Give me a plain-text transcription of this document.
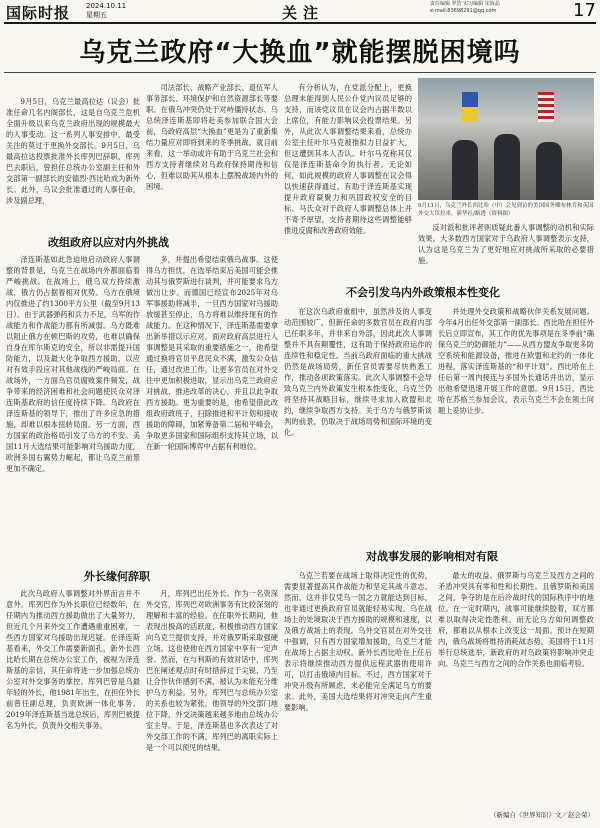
国际时报 2024.10.11
星期五	关注	责任编辑 罗浩 实习编辑 宋海晶
e-mail:83698291@qq.com	17
乌克兰政府“大换血”就能摆脱困境吗

9月5日，乌克兰最高拉达（议会）批准任命几名内阁部长，这是自乌克兰危机全面升级以来乌克兰政府出现的规模最大的人事变动。这一系列人事安排中，最受关注的莫过于更换外交部长。9月5日，乌最高拉达投票批准外长库列巴辞职，库列巴去职后，曾担任总统办公室副主任和外交部第一副部长的安德烈·西比哈成为新外长。此外，乌议会批准通过的人事任命，涉及副总理、

司法部长、战略产业部长、退伍军人事务部长、环境保护和自然资源部长等要职。在俄乌冲突仍处于对峙僵持状态、乌总统泽连斯基即将赴美参加联合国大会前，乌政府高层“大换血”更是为了重新集结力量应对即将到来的冬季挑战。就目前来看，这一举动或许有助于乌克兰社会和西方支持者继续对乌政府保持期待和信心，但难以助其从根本上摆脱战场内外的困境。

有分析认为，在党派分配上，更换总理未能得到人民公仆党内议员足够的支持，而该党议员在议会内占据半数以上席位，有能力影响议会投票结果。另外，从此次人事调整结果来看，总统办公室主任叶尔马克被推拟力目益扩大，但这遭到其本人否认。叶尔马克称其仅仅是泽连斯基命令的执行者。无论如何，如此规模的政府人事调整在议会得以快速获得通过，有助于泽连斯基实现提升政府凝聚力和巩固政权安全的目标。马氏众对于政府人事调整总体上并不寄予厚望，支持者期待这些调整能够推进反腐和改善政府效能。

9月11日，乌克兰外长西比哈（中）会见到访的美国国务卿布林肯和英国外交大臣拉米。新华社/路透（资料图）

反对派和批评者则质疑此番人事调整的动机和实际效果。大多数西方国家对于乌政府人事调整表示支持，认为这是乌克兰为了更好地应对挑战所采取的必要措施。

改组政府以应对内外挑战

泽连斯基如此急迫地启动政府人事调整的背景是，乌克兰在战场内外都面临着严峻挑战。在战场上，俄乌双方持续激战，俄方仍占据着相对优势。乌方在俄境内仅推进了约1300平方公里（截至9月13日）。由于武器弹药和兵力不足，乌军的作战能力和作战能力都有所减弱。乌方既难以阻止俄方在顿巴斯的攻势，也难以确保自身在库尔斯克的安全，所以非需提升国防能力，以及最大化争取西方援助，以应对有效手段应对其他战线的严峻局面。在战场外，一方面乌官员腐败案件频发，战争带来的经济困难和社会问题使民众对泽连斯基政府的信任度持续下降。乌政府在泽连斯基的领导下，推出了许多应急的措施，却难以根本扭转局面。另一方面，西方国家的政治格局引发了乌方的不安。美国11月大选结果可能影响对乌援助力度，欧洲多国右翼势力崛起，都让乌克兰前景更加不确定。

多，并提出希望结束俄乌战事。这使得乌方担忧，在选举结束后美国可能会推动其与俄罗斯进行谈判，并可能要求乌方做出让步。而德国已经宣布2025年对乌军事援助将减半，一旦西方国家对乌援助放缓甚至停止，乌方将难以维持现有的作战能力。在这种情况下，泽连斯基需要拿出新举措以示应对。面对政府高层进行人事调整是其采取的重要措施之一，他希望通过换将官员平息民众不满，激发公众信任，通过改进工作，让更多官员在对外交往中更加积极进取，显示出乌克兰政府应对挑战、推进改革的决心，并且以此争取西方援助。更为重要的是，他希望借此改组政府政班子，扫除推进和平计划和接收援助的障碍，加紧筹备第二届和平峰会，争取更多国家和国际组织支持其立场，以在新一轮国际博弈中占据有利地位。

不会引发乌内外政策根本性变化

在这次乌政府重组中，虽然涉及的人事变动范围较广，但新任命的多数官员在政府内部已任职多年，并非来自外部，因此此次人事调整并不具有颠覆性，这有助于保持政府运作的连续性和稳定性。当前乌政府面临的重大挑战仍然是战场局势，新任官员需要尽快熟悉工作，推动各项政策落实。此次人事调整不会导致乌克兰内外政策发生根本性变化，乌克兰仍将坚持其战略目标，继续寻求加入欧盟和北约，继续争取西方支持。关于乌方与俄罗斯谈判的前景，仍取决于战场局势和国际环境的变化。

并处理外交政策和战略伙伴关系发展问题。今年4月出任外交部第一副部长。西比哈在担任外长后立即宣布，其工作的优先事项是在冬季前“确保乌克兰的防御能力”——从西方盟友争取更多防空系统和能源设备，推进在欧盟和北约的一体化进程，落实泽连斯基的“和平计划”。西比哈在上任后第一周内接连与多国外长通话并出访，显示出他希望迅速开展工作的意愿。9月15日，西比哈在苏格兰参加会议，表示乌克兰不会在领土问题上妥协让步。

外长缘何辞职
对战事发展的影响相对有限

此次乌政府人事调整对外界而言并不意外。库列巴作为外长职位已经数年，在任期内为推动西方援助做出了大量努力，但近几个月来外交工作遭遇重重困难，一些西方国家对乌援助出现迟疑。在泽连斯基看来，外交工作需要新面孔，新外长西比哈长期在总统办公室工作，被视为泽连斯基的亲信，其任命将进一步加强总统办公室对外交事务的掌控。库列巴曾是乌最年轻的外长，他1981年出生，在担任外长前曾任副总理，负责欧洲一体化事务。2019年泽连斯基当选总统后，库列巴被提名为外长，负责外交相关事务。

月，库列巴出任外长。作为一名资深外交官，库列巴对欧洲事务有比较深刻的理解和丰富的经验。在任职外长期间，他表现出极高的活跃度，积极推动西方国家向乌克兰提供支持，并对俄罗斯采取强硬立场。这也使他在西方国家中享有一定声誉。然而，在与利斯的有效对话中，库列巴在阐述观点时有时措辞过于尖锐，乃至让合作伙伴感到不满，被认为未能充分维护乌方利益。另外，库列巴与总统办公室的关系也较为紧张，他领导的外交部门地位下降，外交决策越来越多地由总统办公室主导。于是，泽连斯基也多次表达了对外交部工作的不满，库列巴的离职实际上是一个可以预见的结果。

乌克兰若要在战场上取得决定性的优势，需要显著提高其作战能力和坚定其战斗意志。然而，这并非仅凭乌一国之力就能达到目标，也非通过更换政府官员就能轻易实现。乌在战场上的处境取决于西方援助的规模和速度，以及俄方战场上的表现。乌外交官员在对外交往中强调，只有西方国家增加援助，乌克兰才能在战场上占据主动权。新外长西比哈在上任后表示将继续推动西方提供远程武器的使用许可，以打击俄境内目标。不过，西方国家对于冲突升级有所顾虑，未必能完全满足乌方的要求。此外，美国大选结果将对冲突走向产生重要影响。

最大的收益。俄罗斯与乌克兰及西方之间的矛盾冲突具有零和性和长期性。且俄罗斯和美国之间，争夺的是在后冷战时代的国际秩序中的地位。在一定时期内，战事可能继续胶着，双方都难以取得决定性胜利。而无论乌方如何调整政府，都难以从根本上改变这一局面。预计在短期内，俄乌战场将维持消耗战态势。美国将于11月举行总统选举，新政府的对乌政策将影响冲突走向。乌克兰与西方之间的合作关系也面临考验。

（新编自《世界知识》文／赵会荣）
